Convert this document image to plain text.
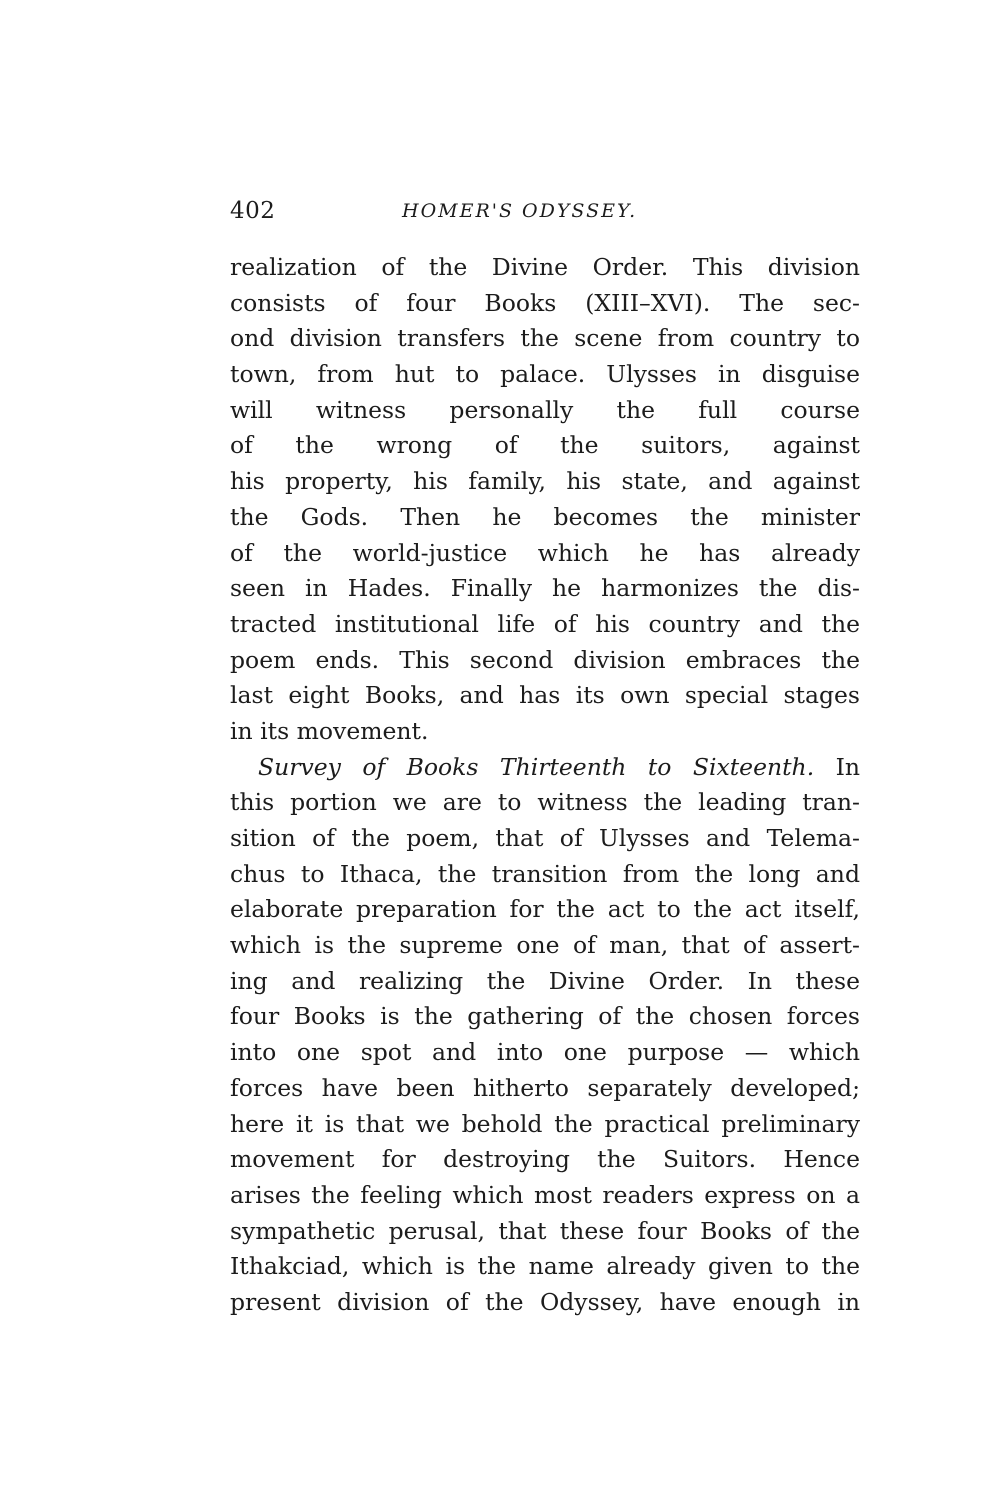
402	HOMER'S ODYSSEY.
realization of the Divine Order. This division
consists of four Books (XIII–XVI). The sec-
ond division transfers the scene from country to
town, from hut to palace. Ulysses in disguise
will witness personally the full course
of the wrong of the suitors, against
his property, his family, his state, and against
the Gods. Then he becomes the minister
of the world-justice which he has already
seen in Hades. Finally he harmonizes the dis-
tracted institutional life of his country and the
poem ends. This second division embraces the
last eight Books, and has its own special stages
in its movement.
Survey of Books Thirteenth to Sixteenth. In
this portion we are to witness the leading tran-
sition of the poem, that of Ulysses and Telema-
chus to Ithaca, the transition from the long and
elaborate preparation for the act to the act itself,
which is the supreme one of man, that of assert-
ing and realizing the Divine Order. In these
four Books is the gathering of the chosen forces
into one spot and into one purpose — which
forces have been hitherto separately developed;
here it is that we behold the practical preliminary
movement for destroying the Suitors. Hence
arises the feeling which most readers express on a
sympathetic perusal, that these four Books of the
Ithakciad, which is the name already given to the
present division of the Odyssey, have enough in
